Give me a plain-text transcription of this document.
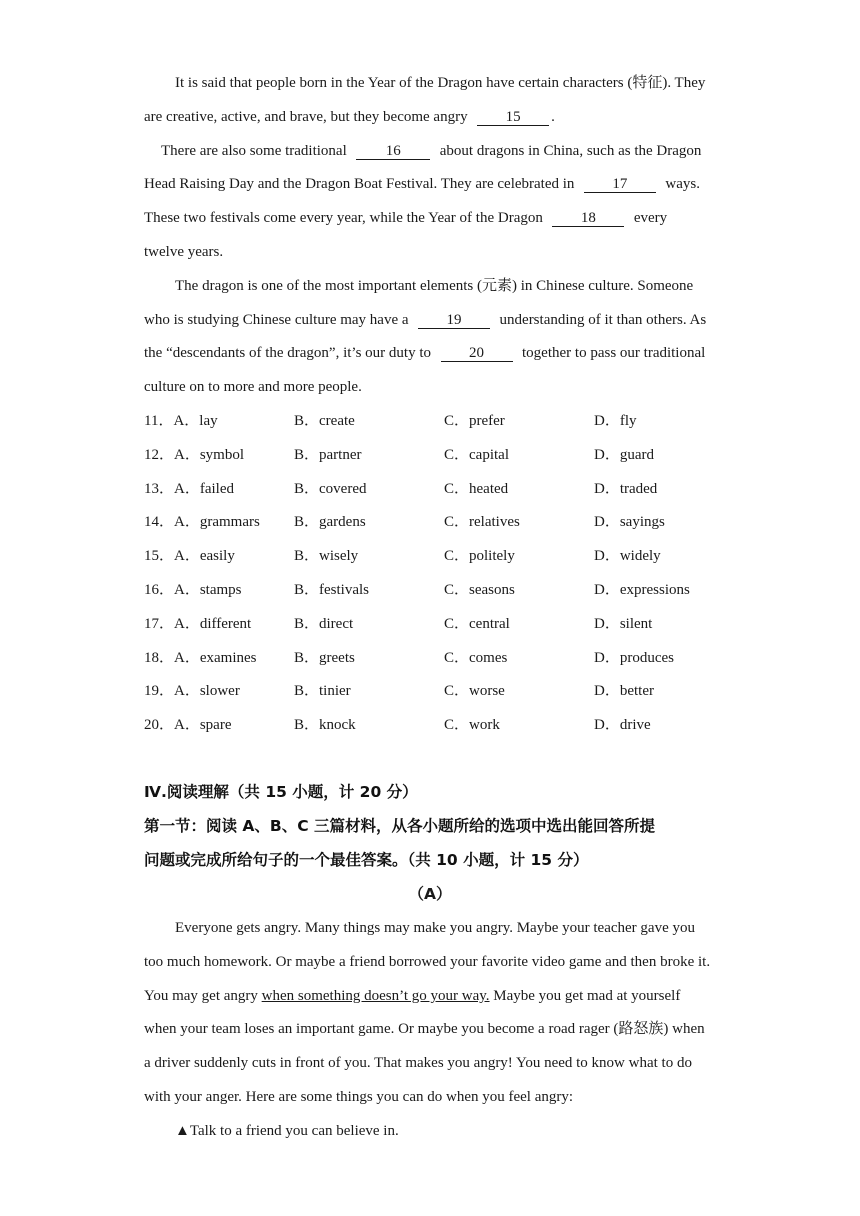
It is said that people born in the Year of the Dragon have certain characters (特征). They
are creative, active, and brave, but they become angry	15 .
There are also some traditional	16	about dragons in China, such as the Dragon
Head Raising Day and the Dragon Boat Festival. They are celebrated in	17	ways.
These two festivals come every year, while the Year of the Dragon	18	every
twelve years.
The dragon is one of the most important elements (元素) in Chinese culture. Someone
who is studying Chinese culture may have a	19	understanding of it than others. As
the “descendants of the dragon”, it’s our duty to	20	together to pass our traditional
culture on to more and more people.
11．A．lay	B．create	C．prefer	D．fly
12．A．symbol	B．partner	C．capital	D．guard
13．A．failed	B．covered	C．heated	D．traded
14．A．grammars B．gardens	C．relatives	D．sayings
15．A．easily	B．wisely	C．politely	D．widely
16．A．stamps	B．festivals	C．seasons	D．expressions
17．A．different	B．direct	C．central	D．silent
18．A．examines	B．greets	C．comes	D．produces
19．A．slower	B．tinier	C．worse	D．better
20．A．spare	B．knock	C．work	D．drive
Ⅳ.阅读理解（共 15 小题，计 20 分）
第一节：阅读 A、B、C 三篇材料，从各小题所给的选项中选出能回答所提
问题或完成所给句子的一个最佳答案。（共 10 小题，计 15 分）
（A）
Everyone gets angry. Many things may make you angry. Maybe your teacher gave you
too much homework. Or maybe a friend borrowed your favorite video game and then broke it.
You may get angry when something doesn’t go your way. Maybe you get mad at yourself
when your team loses an important game. Or maybe you become a road rager (路怒族) when
a driver suddenly cuts in front of you. That makes you angry! You need to know what to do
with your anger. Here are some things you can do when you feel angry:
▲Talk to a friend you can believe in.
